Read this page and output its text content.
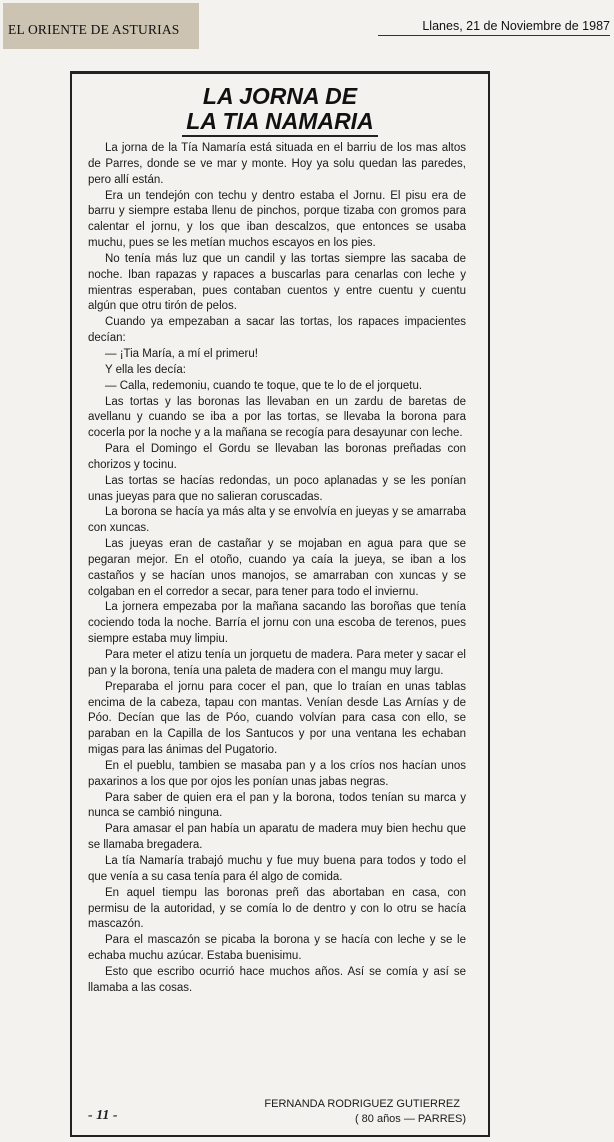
EL ORIENTE DE ASTURIAS	Llanes, 21 de Noviembre de 1987
LA JORNA DE
LA TIA NAMARIA

La jorna de la Tía Namaría está situada en el barriu de los mas altos de Parres, donde se ve mar y monte. Hoy ya solu quedan las paredes, pero allí están.

Era un tendejón con techu y dentro estaba el Jornu. El pisu era de barru y siempre estaba llenu de pinchos, porque tizaba con gromos para calentar el jornu, y los que iban descalzos, que entonces se usaba muchu, pues se les metían muchos escayos en los pies.

No tenía más luz que un candil y las tortas siempre las sacaba de noche. Iban rapazas y rapaces a buscarlas para cenarlas con leche y mientras esperaban, pues contaban cuentos y entre cuentu y cuentu algún que otru tirón de pelos.

Cuando ya empezaban a sacar las tortas, los rapaces impacientes decían:

— ¡Tia María, a mí el primeru!

Y ella les decía:

— Calla, redemoniu, cuando te toque, que te lo de el jorquetu.

Las tortas y las boronas las llevaban en un zardu de baretas de avellanu y cuando se iba a por las tortas, se llevaba la borona para cocerla por la noche y a la mañana se recogía para desayunar con leche.

Para el Domingo el Gordu se llevaban las boronas preñadas con chorizos y tocinu.

Las tortas se hacías redondas, un poco aplanadas y se les ponían unas jueyas para que no salieran coruscadas.

La borona se hacía ya más alta y se envolvía en jueyas y se amarraba con xuncas.

Las jueyas eran de castañar y se mojaban en agua para que se pegaran mejor. En el otoño, cuando ya caía la jueya, se iban a los castaños y se hacían unos manojos, se amarraban con xuncas y se colgaban en el corredor a secar, para tener para todo el inviernu.

La jornera empezaba por la mañana sacando las boroñas que tenía cociendo toda la noche. Barría el jornu con una escoba de terenos, pues siempre estaba muy limpiu.

Para meter el atizu tenía un jorquetu de madera. Para meter y sacar el pan y la borona, tenía una paleta de madera con el mangu muy largu.

Preparaba el jornu para cocer el pan, que lo traían en unas tablas encima de la cabeza, tapau con mantas. Venían desde Las Arnías y de Póo. Decían que las de Póo, cuando volvían para casa con ello, se paraban en la Capilla de los Santucos y por una ventana les echaban migas para las ánimas del Pugatorio.

En el pueblu, tambien se masaba pan y a los críos nos hacían unos paxarinos a los que por ojos les ponían unas jabas negras.

Para saber de quien era el pan y la borona, todos tenían su marca y nunca se cambió ninguna.

Para amasar el pan había un aparatu de madera muy bien hechu que se llamaba bregadera.

La tía Namaría trabajó muchu y fue muy buena para todos y todo el que venía a su casa tenía para él algo de comida.

En aquel tiempu las boronas preñ das abortaban en casa, con permisu de la autoridad, y se comía lo de dentro y con lo otru se hacía mascazón.

Para el mascazón se picaba la borona y se hacía con leche y se le echaba muchu azúcar. Estaba buenisimu.

Esto que escribo ocurrió hace muchos años. Así se comía y así se llamaba a las cosas.

- 11 -
FERNANDA RODRIGUEZ GUTIERREZ
( 80 años — PARRES)
